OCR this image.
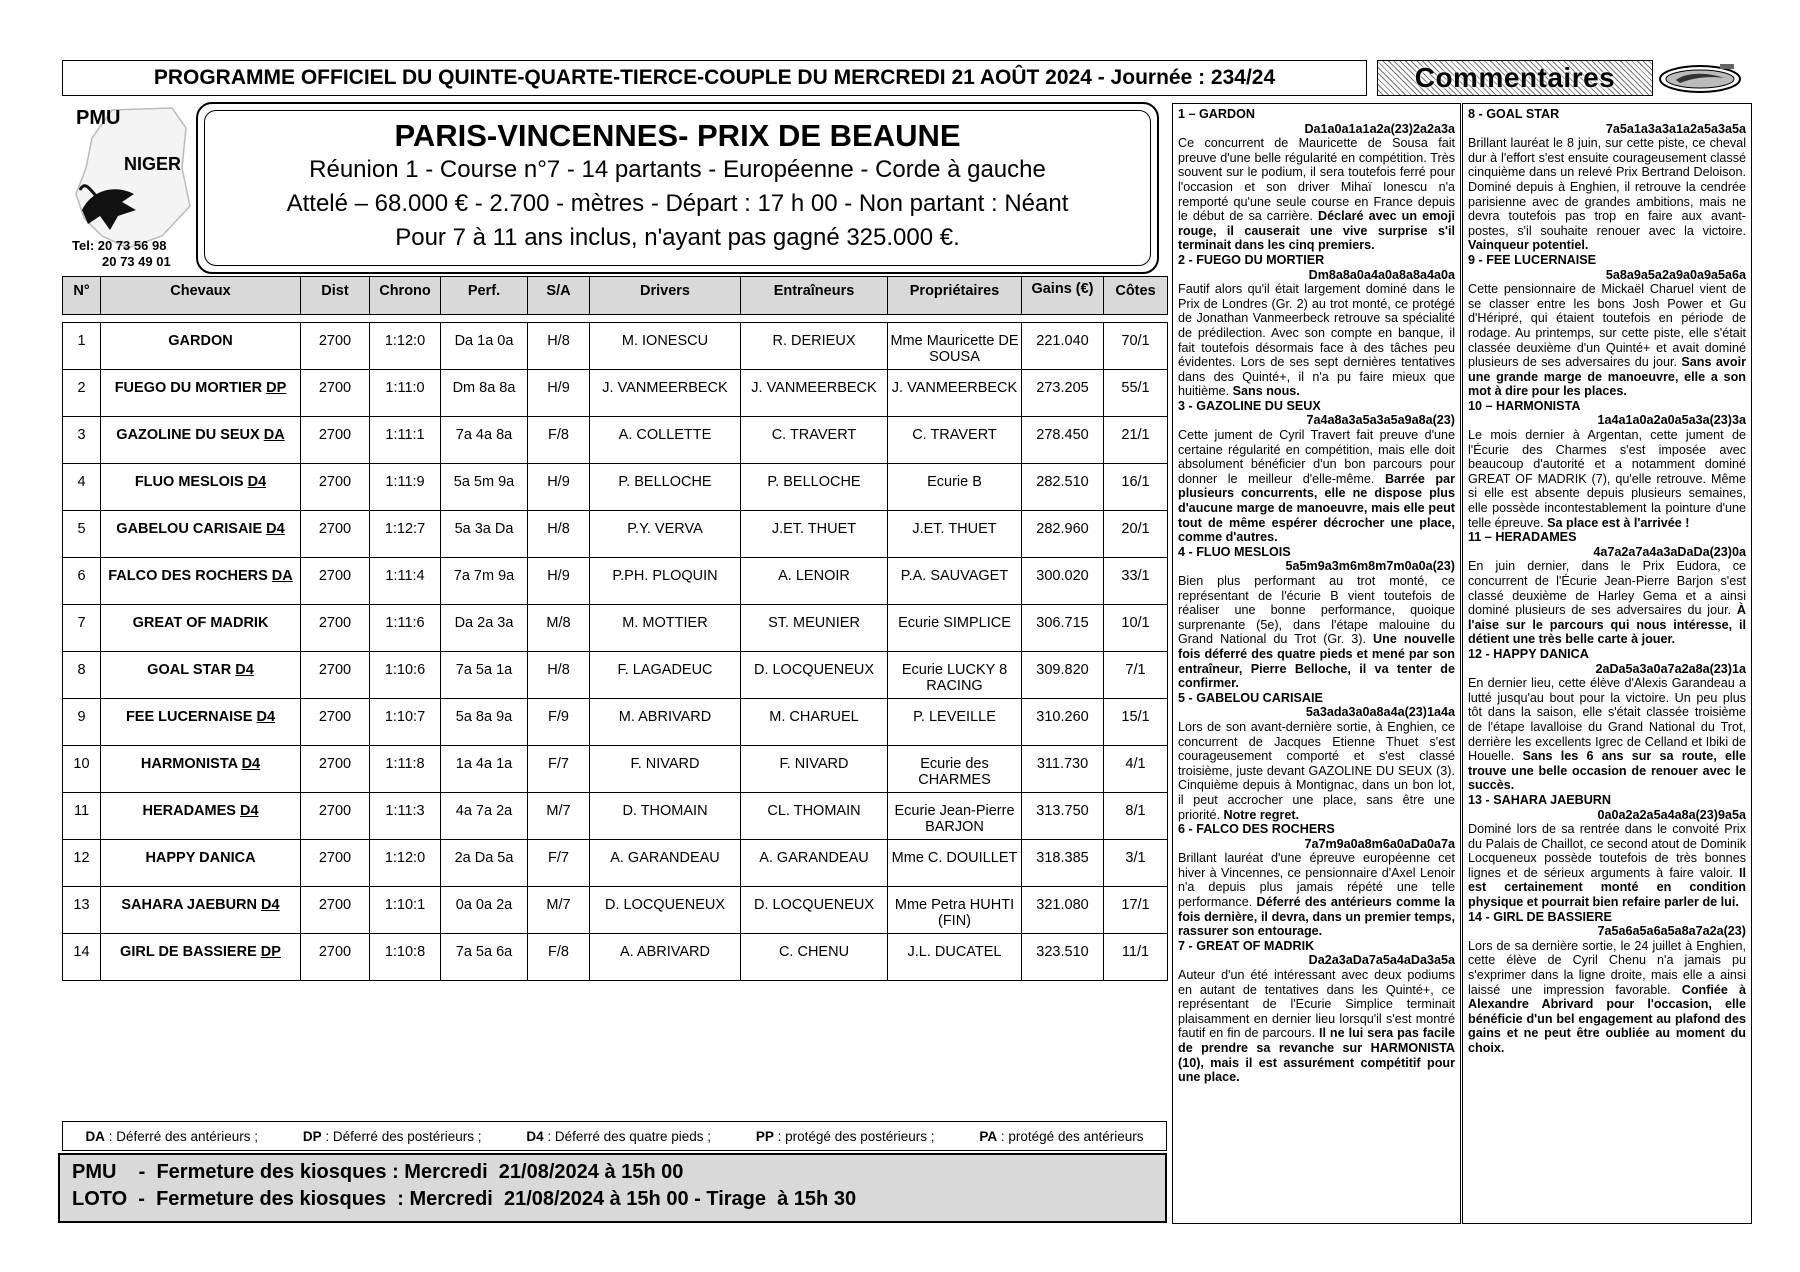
PROGRAMME OFFICIEL DU QUINTE-QUARTE-TIERCE-COUPLE DU MERCREDI 21 AOÛT 2024 - Journée : 234/24	Commentaires
PMU
NIGER
Tel: 20 73 56 98
20 73 49 01
PARIS-VINCENNES- PRIX DE BEAUNE
Réunion 1 - Course n°7 - 14 partants - Européenne - Corde à gauche
Attelé – 68.000 € - 2.700 - mètres - Départ : 17 h 00 - Non partant : Néant
Pour 7 à 11 ans inclus, n'ayant pas gagné 325.000 €.
N°	Chevaux	Dist	Chrono	Perf.	S/A	Drivers	Entraîneurs	Propriétaires	Gains (€)	Côtes

1	GARDON	2700	1:12:0	Da 1a 0a	H/8	M. IONESCU	R. DERIEUX	Mme Mauricette DE SOUSA	221.040	70/1
2	FUEGO DU MORTIER DP	2700	1:11:0	Dm 8a 8a	H/9	J. VANMEERBECK	J. VANMEERBECK	J. VANMEERBECK	273.205	55/1
3	GAZOLINE DU SEUX DA	2700	1:11:1	7a 4a 8a	F/8	A. COLLETTE	C. TRAVERT	C. TRAVERT	278.450	21/1
4	FLUO MESLOIS D4	2700	1:11:9	5a 5m 9a	H/9	P. BELLOCHE	P. BELLOCHE	Ecurie B	282.510	16/1
5	GABELOU CARISAIE D4	2700	1:12:7	5a 3a Da	H/8	P.Y. VERVA	J.ET. THUET	J.ET. THUET	282.960	20/1
6	FALCO DES ROCHERS DA	2700	1:11:4	7a 7m 9a	H/9	P.PH. PLOQUIN	A. LENOIR	P.A. SAUVAGET	300.020	33/1
7	GREAT OF MADRIK	2700	1:11:6	Da 2a 3a	M/8	M. MOTTIER	ST. MEUNIER	Ecurie SIMPLICE	306.715	10/1
8	GOAL STAR D4	2700	1:10:6	7a 5a 1a	H/8	F. LAGADEUC	D. LOCQUENEUX	Ecurie LUCKY 8 RACING	309.820	7/1
9	FEE LUCERNAISE D4	2700	1:10:7	5a 8a 9a	F/9	M. ABRIVARD	M. CHARUEL	P. LEVEILLE	310.260	15/1
10	HARMONISTA D4	2700	1:11:8	1a 4a 1a	F/7	F. NIVARD	F. NIVARD	Ecurie des CHARMES	311.730	4/1
11	HERADAMES D4	2700	1:11:3	4a 7a 2a	M/7	D. THOMAIN	CL. THOMAIN	Ecurie Jean-Pierre BARJON	313.750	8/1
12	HAPPY DANICA	2700	1:12:0	2a Da 5a	F/7	A. GARANDEAU	A. GARANDEAU	Mme C. DOUILLET	318.385	3/1
13	SAHARA JAEBURN D4	2700	1:10:1	0a 0a 2a	M/7	D. LOCQUENEUX	D. LOCQUENEUX	Mme Petra HUHTI (FIN)	321.080	17/1
14	GIRL DE BASSIERE DP	2700	1:10:8	7a 5a 6a	F/8	A. ABRIVARD	C. CHENU	J.L. DUCATEL	323.510	11/1
DA : Déferré des antérieurs ;	DP : Déferré des postérieurs ;	D4 : Déferré des quatre pieds ;	PP : protégé des postérieurs ;	PA : protégé des antérieurs
PMU    -  Fermeture des kiosques : Mercredi  21/08/2024 à 15h 00
LOTO  -  Fermeture des kiosques  : Mercredi  21/08/2024 à 15h 00 - Tirage  à 15h 30
1 – GARDON
Da1a0a1a1a2a(23)2a2a3a
Ce concurrent de Mauricette de Sousa fait preuve d'une belle régularité en compétition. Très souvent sur le podium, il sera toutefois ferré pour l'occasion et son driver Mihaï Ionescu n'a remporté qu'une seule course en France depuis le début de sa carrière. Déclaré avec un emoji rouge, il causerait une vive surprise s'il terminait dans les cinq premiers.
2 - FUEGO DU MORTIER
Dm8a8a0a4a0a8a8a4a0a
Fautif alors qu'il était largement dominé dans le Prix de Londres (Gr. 2) au trot monté, ce protégé de Jonathan Vanmeerbeck retrouve sa spécialité de prédilection. Avec son compte en banque, il fait toutefois désormais face à des tâches peu évidentes. Lors de ses sept dernières tentatives dans des Quinté+, il n'a pu faire mieux que huitième. Sans nous.
3 - GAZOLINE DU SEUX
7a4a8a3a5a3a5a9a8a(23)
Cette jument de Cyril Travert fait preuve d'une certaine régularité en compétition, mais elle doit absolument bénéficier d'un bon parcours pour donner le meilleur d'elle-même. Barrée par plusieurs concurrents, elle ne dispose plus d'aucune marge de manoeuvre, mais elle peut tout de même espérer décrocher une place, comme d'autres.
4 - FLUO MESLOIS
5a5m9a3m6m8m7m0a0a(23)
Bien plus performant au trot monté, ce représentant de l'écurie B vient toutefois de réaliser une bonne performance, quoique surprenante (5e), dans l'étape malouine du Grand National du Trot (Gr. 3). Une nouvelle fois déferré des quatre pieds et mené par son entraîneur, Pierre Belloche, il va tenter de confirmer.
5 - GABELOU CARISAIE
5a3ada3a0a8a4a(23)1a4a
Lors de son avant-dernière sortie, à Enghien, ce concurrent de Jacques Etienne Thuet s'est courageusement comporté et s'est classé troisième, juste devant GAZOLINE DU SEUX (3). Cinquième depuis à Montignac, dans un bon lot, il peut accrocher une place, sans être une priorité. Notre regret.
6 - FALCO DES ROCHERS
7a7m9a0a8m6a0aDa0a7a
Brillant lauréat d'une épreuve européenne cet hiver à Vincennes, ce pensionnaire d'Axel Lenoir n'a depuis plus jamais répété une telle performance. Déferré des antérieurs comme la fois dernière, il devra, dans un premier temps, rassurer son entourage.
7 - GREAT OF MADRIK
Da2a3aDa7a5a4aDa3a5a
Auteur d'un été intéressant avec deux podiums en autant de tentatives dans les Quinté+, ce représentant de l'Ecurie Simplice terminait plaisamment en dernier lieu lorsqu'il s'est montré fautif en fin de parcours. Il ne lui sera pas facile de prendre sa revanche sur HARMONISTA (10), mais il est assurément compétitif pour une place.
8 - GOAL STAR
7a5a1a3a3a1a2a5a3a5a
Brillant lauréat le 8 juin, sur cette piste, ce cheval dur à l'effort s'est ensuite courageusement classé cinquième dans un relevé Prix Bertrand Deloison. Dominé depuis à Enghien, il retrouve la cendrée parisienne avec de grandes ambitions, mais ne devra toutefois pas trop en faire aux avant-postes, s'il souhaite renouer avec la victoire. Vainqueur potentiel.
9 - FEE LUCERNAISE
5a8a9a5a2a9a0a9a5a6a
Cette pensionnaire de Mickaël Charuel vient de se classer entre les bons Josh Power et Gu d'Héripré, qui étaient toutefois en période de rodage. Au printemps, sur cette piste, elle s'était classée deuxième d'un Quinté+ et avait dominé plusieurs de ses adversaires du jour. Sans avoir une grande marge de manoeuvre, elle a son mot à dire pour les places.
10 – HARMONISTA
1a4a1a0a2a0a5a3a(23)3a
Le mois dernier à Argentan, cette jument de l'Écurie des Charmes s'est imposée avec beaucoup d'autorité et a notamment dominé GREAT OF MADRIK (7), qu'elle retrouve. Même si elle est absente depuis plusieurs semaines, elle possède incontestablement la pointure d'une telle épreuve. Sa place est à l'arrivée !
11 – HERADAMES
4a7a2a7a4a3aDaDa(23)0a
En juin dernier, dans le Prix Eudora, ce concurrent de l'Écurie Jean-Pierre Barjon s'est classé deuxième de Harley Gema et a ainsi dominé plusieurs de ses adversaires du jour. À l'aise sur le parcours qui nous intéresse, il détient une très belle carte à jouer.
12 - HAPPY DANICA
2aDa5a3a0a7a2a8a(23)1a
En dernier lieu, cette élève d'Alexis Garandeau a lutté jusqu'au bout pour la victoire. Un peu plus tôt dans la saison, elle s'était classée troisième de l'étape lavalloise du Grand National du Trot, derrière les excellents Igrec de Celland et Ibiki de Houelle. Sans les 6 ans sur sa route, elle trouve une belle occasion de renouer avec le succès.
13 - SAHARA JAEBURN
0a0a2a2a5a4a8a(23)9a5a
Dominé lors de sa rentrée dans le convoité Prix du Palais de Chaillot, ce second atout de Dominik Locqueneux possède toutefois de très bonnes lignes et de sérieux arguments à faire valoir. Il est certainement monté en condition physique et pourrait bien refaire parler de lui.
14 - GIRL DE BASSIERE
7a5a6a5a6a5a8a7a2a(23)
Lors de sa dernière sortie, le 24 juillet à Enghien, cette élève de Cyril Chenu n'a jamais pu s'exprimer dans la ligne droite, mais elle a ainsi laissé une impression favorable. Confiée à Alexandre Abrivard pour l'occasion, elle bénéficie d'un bel engagement au plafond des gains et ne peut être oubliée au moment du choix.
